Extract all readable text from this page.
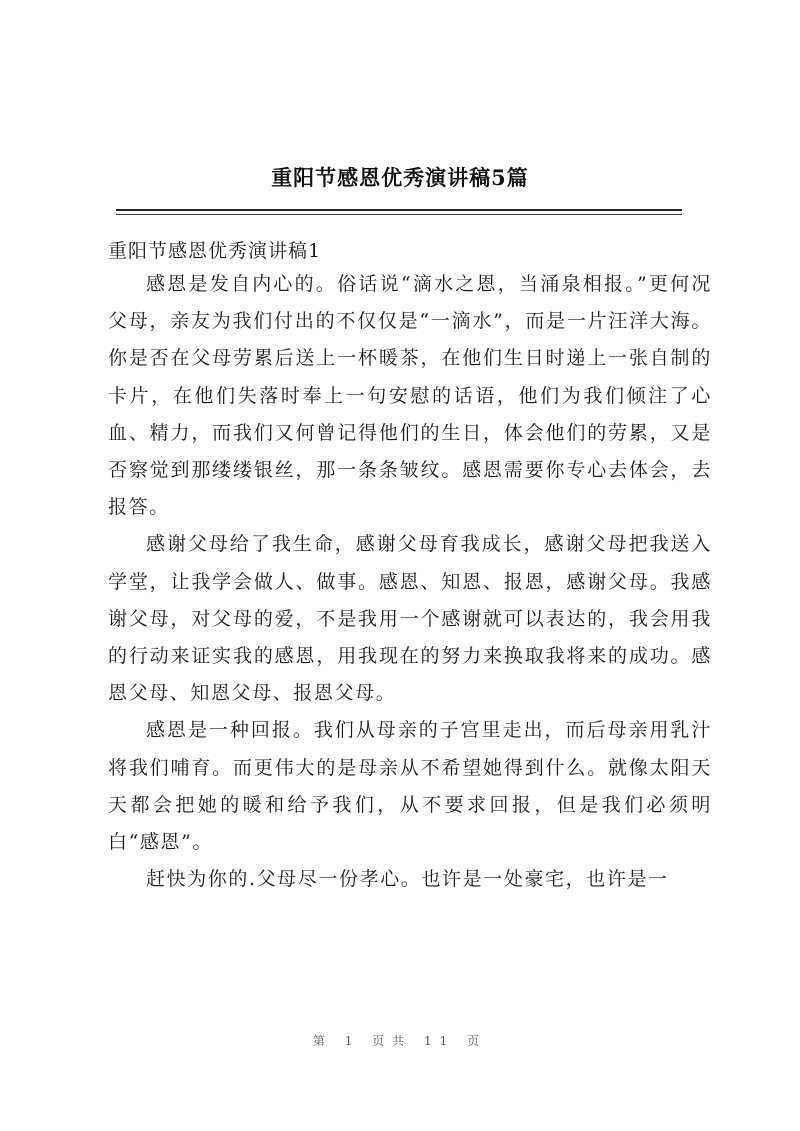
重阳节感恩优秀演讲稿5篇
重阳节感恩优秀演讲稿1

感恩是发自内心的。俗话说“滴水之恩，当涌泉相报。”更何况父母，亲友为我们付出的不仅仅是“一滴水”，而是一片汪洋大海。你是否在父母劳累后送上一杯暖茶，在他们生日时递上一张自制的卡片，在他们失落时奉上一句安慰的话语，他们为我们倾注了心血、精力，而我们又何曾记得他们的生日，体会他们的劳累，又是否察觉到那缕缕银丝，那一条条皱纹。感恩需要你专心去体会，去报答。

感谢父母给了我生命，感谢父母育我成长，感谢父母把我送入学堂，让我学会做人、做事。感恩、知恩、报恩，感谢父母。我感谢父母，对父母的爱，不是我用一个感谢就可以表达的，我会用我的行动来证实我的感恩，用我现在的努力来换取我将来的成功。感恩父母、知恩父母、报恩父母。

感恩是一种回报。我们从母亲的子宫里走出，而后母亲用乳汁将我们哺育。而更伟大的是母亲从不希望她得到什么。就像太阳天天都会把她的暖和给予我们，从不要求回报，但是我们必须明白“感恩”。

赶快为你的.父母尽一份孝心。也许是一处豪宅，也许是一

第 1 页共 11 页
